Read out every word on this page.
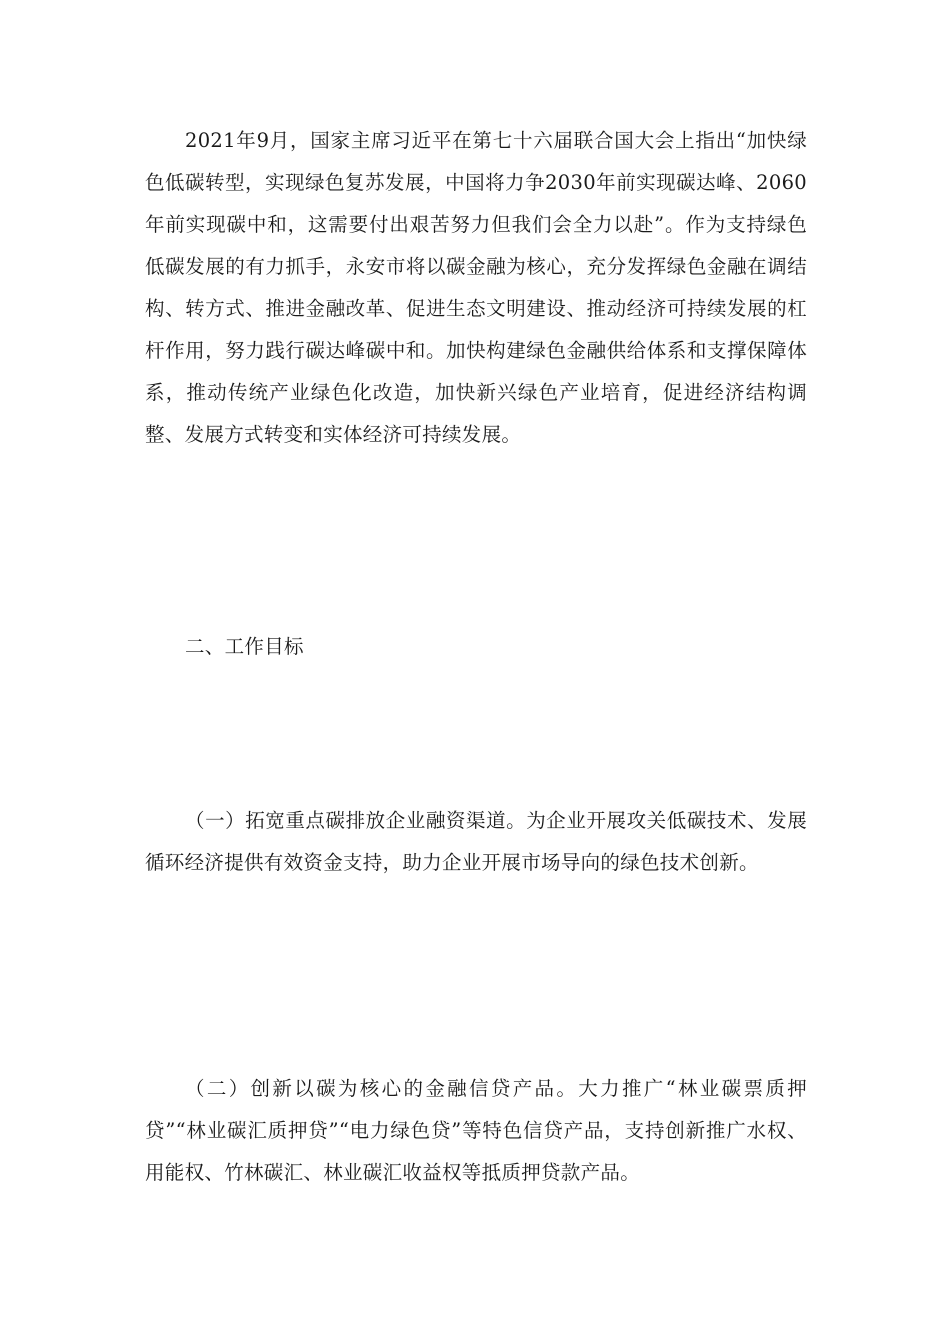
2021年9月，国家主席习近平在第七十六届联合国大会上指出“加快绿色低碳转型，实现绿色复苏发展，中国将力争2030年前实现碳达峰、2060年前实现碳中和，这需要付出艰苦努力但我们会全力以赴”。作为支持绿色低碳发展的有力抓手，永安市将以碳金融为核心，充分发挥绿色金融在调结构、转方式、推进金融改革、促进生态文明建设、推动经济可持续发展的杠杆作用，努力践行碳达峰碳中和。加快构建绿色金融供给体系和支撑保障体系，推动传统产业绿色化改造，加快新兴绿色产业培育，促进经济结构调整、发展方式转变和实体经济可持续发展。

二、工作目标

（一）拓宽重点碳排放企业融资渠道。为企业开展攻关低碳技术、发展循环经济提供有效资金支持，助力企业开展市场导向的绿色技术创新。

（二）创新以碳为核心的金融信贷产品。大力推广“林业碳票质押贷”“林业碳汇质押贷”“电力绿色贷”等特色信贷产品，支持创新推广水权、用能权、竹林碳汇、林业碳汇收益权等抵质押贷款产品。
